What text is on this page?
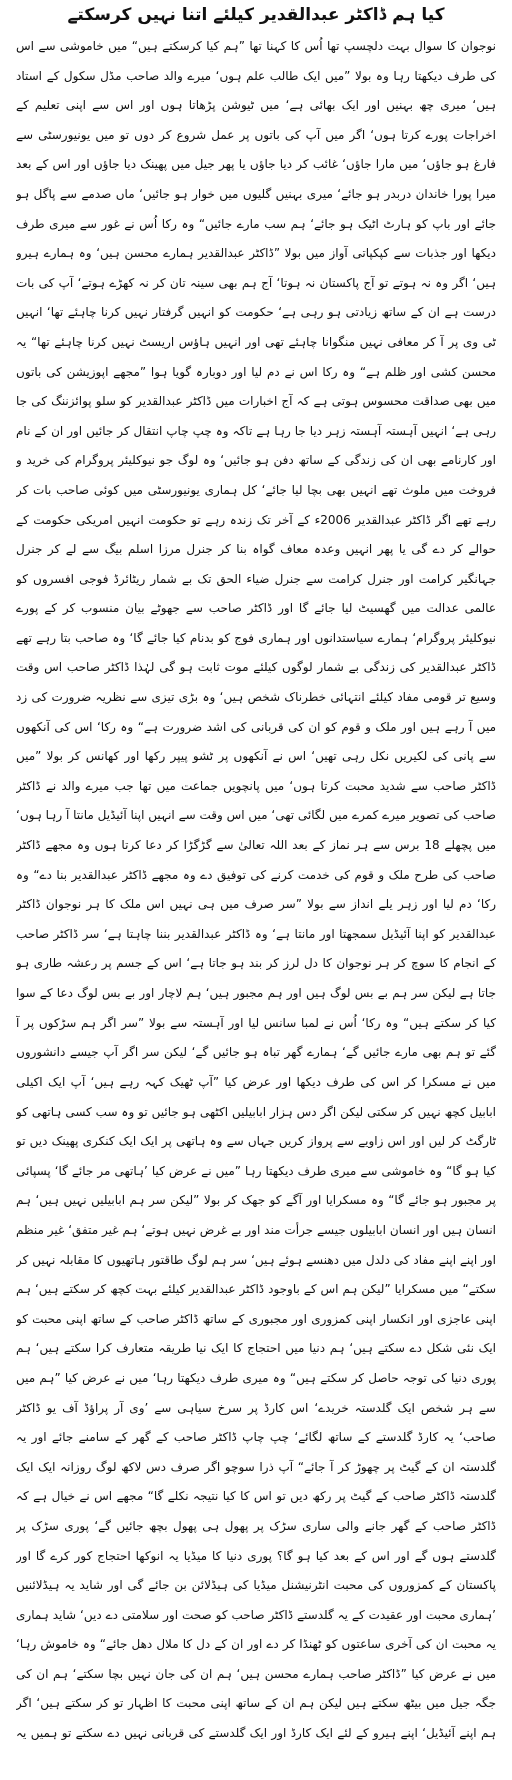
کیا ہم ڈاکٹر عبدالقدیر کیلئے اتنا نہیں کرسکتے

نوجوان کا سوال بہت دلچسپ تھا اُس کا کہنا تھا ”ہم کیا کرسکتے ہیں“ میں خاموشی سے اس کی طرف دیکھتا رہا وہ بولا ”میں ایک طالب علم ہوں‘ میرے والد صاحب مڈل سکول کے استاد ہیں‘ میری چھ بہنیں اور ایک بھائی ہے‘ میں ٹیوشن پڑھاتا ہوں اور اس سے اپنی تعلیم کے اخراجات پورے کرتا ہوں‘ اگر میں آپ کی باتوں پر عمل شروع کر دوں تو میں یونیورسٹی سے فارغ ہو جاؤں‘ میں مارا جاؤں‘ غائب کر دیا جاؤں یا پھر جیل میں پھینک دیا جاؤں اور اس کے بعد میرا پورا خاندان دربدر ہو جائے‘ میری بہنیں گلیوں میں خوار ہو جائیں‘ ماں صدمے سے پاگل ہو جائے اور باپ کو ہارٹ اٹیک ہو جائے‘ ہم سب مارے جائیں“ وہ رکا اُس نے غور سے میری طرف دیکھا اور جذبات سے کپکپاتی آواز میں بولا ”ڈاکٹر عبدالقدیر ہمارے محسن ہیں‘ وہ ہمارے ہیرو ہیں‘ اگر وہ نہ ہوتے تو آج پاکستان نہ ہوتا‘ آج ہم بھی سینہ تان کر نہ کھڑے ہوتے‘ آپ کی بات درست ہے ان کے ساتھ زیادتی ہو رہی ہے‘ حکومت کو انہیں گرفتار نہیں کرنا چاہئے تھا‘ انہیں ٹی وی پر آ کر معافی نہیں منگوانا چاہئے تھی اور انہیں ہاؤس اریسٹ نہیں کرنا چاہئے تھا“ یہ محسن کشی اور ظلم ہے“ وہ رکا اس نے دم لیا اور دوبارہ گویا ہوا ”مجھے اپوزیشن کی باتوں میں بھی صداقت محسوس ہوتی ہے کہ آج اخبارات میں ڈاکٹر عبدالقدیر کو سلو پوائزننگ کی جا رہی ہے‘ انہیں آہستہ آہستہ زہر دیا جا رہا ہے تاکہ وہ چپ چاپ انتقال کر جائیں اور ان کے نام اور کارنامے بھی ان کی زندگی کے ساتھ دفن ہو جائیں‘ وہ لوگ جو نیوکلیئر پروگرام کی خرید و فروخت میں ملوث تھے انہیں بھی بچا لیا جائے‘ کل ہماری یونیورسٹی میں کوئی صاحب بات کر رہے تھے اگر ڈاکٹر عبدالقدیر 2006ء کے آخر تک زندہ رہے تو حکومت انہیں امریکی حکومت کے حوالے کر دے گی یا پھر انہیں وعدہ معاف گواہ بنا کر جنرل مرزا اسلم بیگ سے لے کر جنرل جہانگیر کرامت اور جنرل کرامت سے جنرل ضیاء الحق تک بے شمار ریٹائرڈ فوجی افسروں کو عالمی عدالت میں گھسیٹ لیا جائے گا اور ڈاکٹر صاحب سے جھوٹے بیان منسوب کر کے پورے نیوکلیئر پروگرام‘ ہمارے سیاستدانوں اور ہماری فوج کو بدنام کیا جائے گا‘ وہ صاحب بتا رہے تھے ڈاکٹر عبدالقدیر کی زندگی بے شمار لوگوں کیلئے موت ثابت ہو گی لہٰذا ڈاکٹر صاحب اس وقت وسیع تر قومی مفاد کیلئے انتہائی خطرناک شخص ہیں‘ وہ بڑی تیزی سے نظریہ ضرورت کی زد میں آ رہے ہیں اور ملک و قوم کو ان کی قربانی کی اشد ضرورت ہے“ وہ رکا‘ اس کی آنکھوں سے پانی کی لکیریں نکل رہی تھیں‘ اس نے آنکھوں پر ٹشو پیپر رکھا اور کھانس کر بولا ”میں ڈاکٹر صاحب سے شدید محبت کرتا ہوں‘ میں پانچویں جماعت میں تھا جب میرے والد نے ڈاکٹر صاحب کی تصویر میرے کمرے میں لگائی تھی‘ میں اس وقت سے انہیں اپنا آئیڈیل مانتا آ رہا ہوں‘ میں پچھلے 18 برس سے ہر نماز کے بعد اللہ تعالیٰ سے گڑگڑا کر دعا کرتا ہوں وہ مجھے ڈاکٹر صاحب کی طرح ملک و قوم کی خدمت کرنے کی توفیق دے وہ مجھے ڈاکٹر عبدالقدیر بنا دے“ وہ رکا‘ دم لیا اور زہر یلے انداز سے بولا ”سر صرف میں ہی نہیں اس ملک کا ہر نوجوان ڈاکٹر عبدالقدیر کو اپنا آئیڈیل سمجھتا اور مانتا ہے‘ وہ ڈاکٹر عبدالقدیر بننا چاہتا ہے‘ سر ڈاکٹر صاحب کے انجام کا سوچ کر ہر نوجوان کا دل لرز کر بند ہو جاتا ہے‘ اس کے جسم پر رعشہ طاری ہو جاتا ہے لیکن سر ہم بے بس لوگ ہیں اور ہم مجبور ہیں‘ ہم لاچار اور بے بس لوگ دعا کے سوا کیا کر سکتے ہیں“ وہ رکا‘ اُس نے لمبا سانس لیا اور آہستہ سے بولا ”سر اگر ہم سڑکوں پر آ گئے تو ہم بھی مارے جائیں گے‘ ہمارے گھر تباہ ہو جائیں گے‘ لیکن سر اگر آپ جیسے دانشوروں

میں نے مسکرا کر اس کی طرف دیکھا اور عرض کیا ”آپ ٹھیک کہہ رہے ہیں‘ آپ ایک اکیلی ابابیل کچھ نہیں کر سکتی لیکن اگر دس ہزار ابابیلیں اکٹھی ہو جائیں تو وہ سب کسی ہاتھی کو ٹارگٹ کر لیں اور اس زاویے سے پرواز کریں جہاں سے وہ ہاتھی پر ایک ایک کنکری پھینک دیں تو کیا ہو گا“ وہ خاموشی سے میری طرف دیکھتا رہا ”میں نے عرض کیا ’ہاتھی مر جائے گا‘ پسپائی پر مجبور ہو جائے گا“ وہ مسکرایا اور آگے کو جھک کر بولا ”لیکن سر ہم ابابیلیں نہیں ہیں‘ ہم انسان ہیں اور انسان ابابیلوں جیسے جرأت مند اور بے غرض نہیں ہوتے‘ ہم غیر متفق‘ غیر منظم اور اپنے اپنے مفاد کی دلدل میں دھنسے ہوئے ہیں‘ سر ہم لوگ طاقتور ہاتھیوں کا مقابلہ نہیں کر سکتے“ میں مسکرایا ”لیکن ہم اس کے باوجود ڈاکٹر عبدالقدیر کیلئے بہت کچھ کر سکتے ہیں‘ ہم اپنی عاجزی اور انکسار اپنی کمزوری اور مجبوری کے ساتھ ڈاکٹر صاحب کے ساتھ اپنی محبت کو ایک نئی شکل دے سکتے ہیں‘ ہم دنیا میں احتجاج کا ایک نیا طریقہ متعارف کرا سکتے ہیں‘ ہم پوری دنیا کی توجہ حاصل کر سکتے ہیں“ وہ میری طرف دیکھتا رہا‘ میں نے عرض کیا ”ہم میں سے ہر شخص ایک گلدستہ خریدے‘ اس کارڈ پر سرخ سیاہی سے ’وی آر پراؤڈ آف یو ڈاکٹر صاحب‘ یہ کارڈ گلدستے کے ساتھ لگائے‘ چپ چاپ ڈاکٹر صاحب کے گھر کے سامنے جائے اور یہ گلدستہ ان کے گیٹ پر چھوڑ کر آ جائے“ آپ ذرا سوچو اگر صرف دس لاکھ لوگ روزانہ ایک ایک گلدستہ ڈاکٹر صاحب کے گیٹ پر رکھ دیں تو اس کا کیا نتیجہ نکلے گا“ مجھے اس نے خیال ہے کہ ڈاکٹر صاحب کے گھر جانے والی ساری سڑک پر پھول ہی پھول بچھ جائیں گے‘ پوری سڑک پر گلدستے ہوں گے اور اس کے بعد کیا ہو گا؟ پوری دنیا کا میڈیا یہ انوکھا احتجاج کور کرے گا اور پاکستان کے کمزوروں کی محبت انٹرنیشنل میڈیا کی ہیڈلائن بن جائے گی اور شاید یہ ہیڈلائنیں ’ہماری محبت اور عقیدت کے یہ گلدستے ڈاکٹر صاحب کو صحت اور سلامتی دے دیں‘ شاید ہماری یہ محبت ان کی آخری ساعتوں کو ٹھنڈا کر دے اور ان کے دل کا ملال دھل جائے“ وہ خاموش رہا‘ میں نے عرض کیا ”ڈاکٹر صاحب ہمارے محسن ہیں‘ ہم ان کی جان نہیں بچا سکتے‘ ہم ان کی جگہ جیل میں بیٹھ سکتے ہیں لیکن ہم ان کے ساتھ اپنی محبت کا اظہار تو کر سکتے ہیں‘ اگر ہم اپنے آئیڈیل‘ اپنے ہیرو کے لئے ایک کارڈ اور ایک گلدستے کی قربانی نہیں دے سکتے تو ہمیں یہ
